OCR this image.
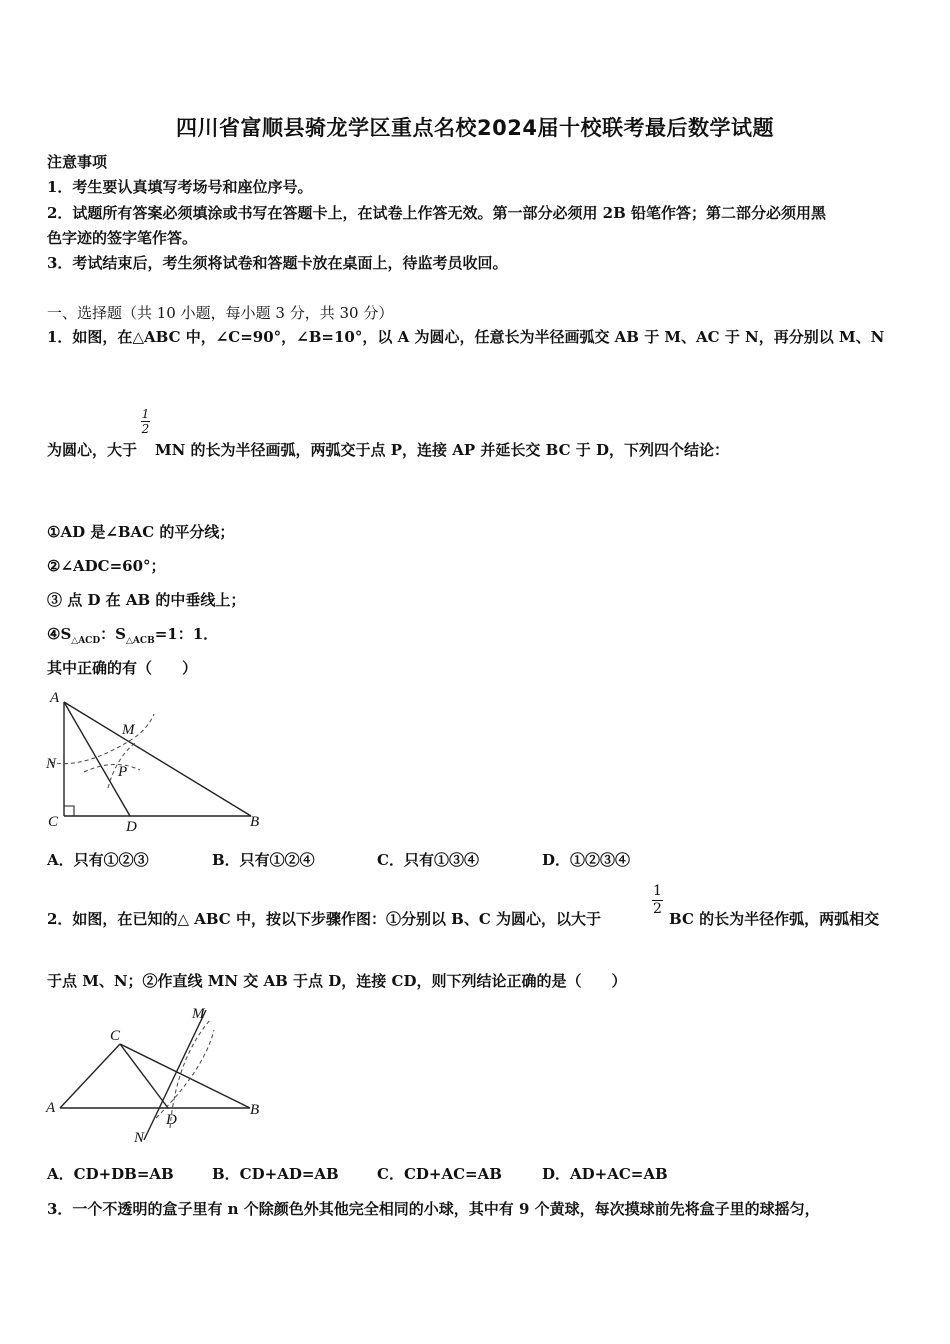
四川省富顺县骑龙学区重点名校2024届十校联考最后数学试题
注意事项
1．考生要认真填写考场号和座位序号。
2．试题所有答案必须填涂或书写在答题卡上，在试卷上作答无效。第一部分必须用 2B 铅笔作答；第二部分必须用黑
色字迹的签字笔作答。
3．考试结束后，考生须将试卷和答题卡放在桌面上，待监考员收回。
一、选择题（共 10 小题，每小题 3 分，共 30 分）
1．如图，在△ABC 中，∠C=90°，∠B=10°，以 A 为圆心，任意长为半径画弧交 AB 于 M、AC 于 N，再分别以 M、N
1
2
为圆心，大于 MN 的长为半径画弧，两弧交于点 P，连接 AP 并延长交 BC 于 D，下列四个结论：
①AD 是∠BAC 的平分线；
②∠ADC=60°；
③ 点 D 在 AB 的中垂线上；
$④S_{\triangle ACD}$：$S_{\triangle ACB}=1$：1．
其中正确的有（　　）
A
M
N	P
C	D	B
A．只有①②③	B．只有①②④	C．只有①③④	D．①②③④
2．如图，在已知的△ ABC 中，按以下步骤作图：①分别以 B、C 为圆心，以大于
1
2
BC 的长为半径作弧，两弧相交
于点 M、N；②作直线 MN 交 AB 于点 D，连接 CD，则下列结论正确的是（　　）
C
M
A	B
D
N
A．CD+DB=AB	B．CD+AD=AB	C．CD+AC=AB	D．AD+AC=AB
3．一个不透明的盒子里有 n 个除颜色外其他完全相同的小球，其中有 9 个黄球，每次摸球前先将盒子里的球摇匀，
